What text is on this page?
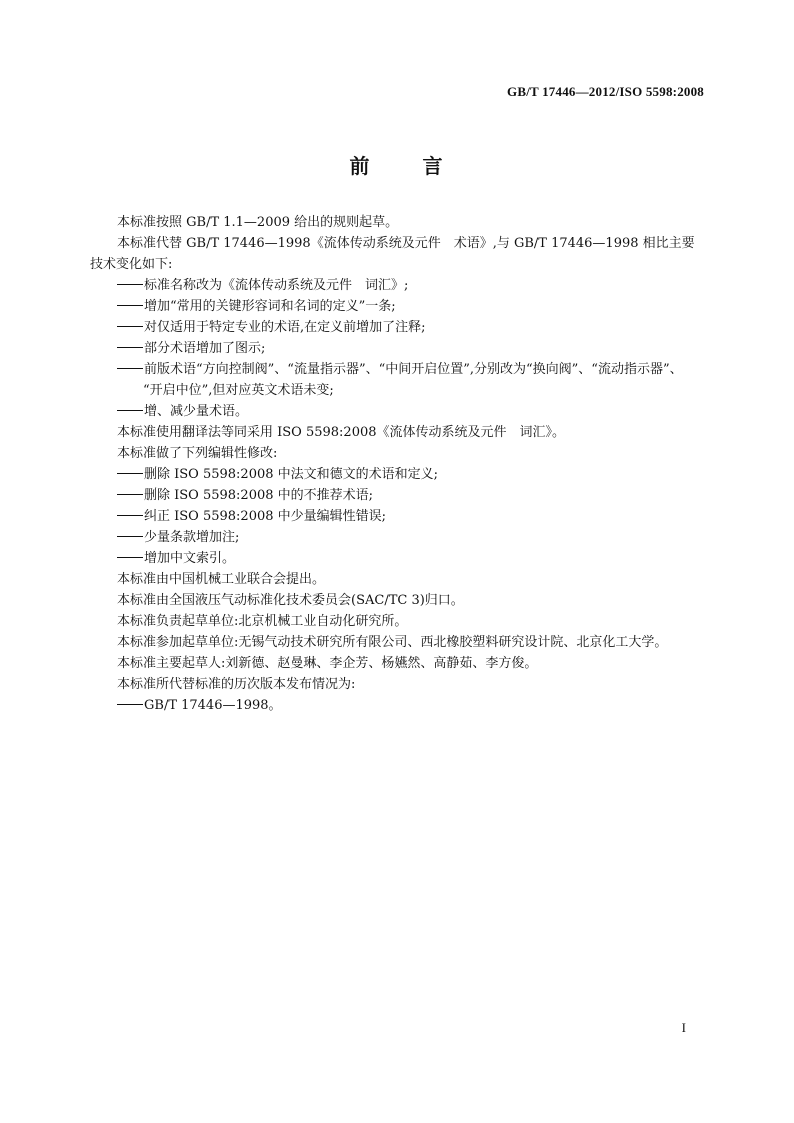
GB/T 17446—2012/ISO 5598:2008
前 言

本标准按照 GB/T 1.1—2009 给出的规则起草。

本标准代替 GB/T 17446—1998《流体传动系统及元件　术语》,与 GB/T 17446—1998 相比主要技术变化如下:

标准名称改为《流体传动系统及元件　词汇》;
增加“常用的关键形容词和名词的定义”一条;
对仅适用于特定专业的术语,在定义前增加了注释;
部分术语增加了图示;
前版术语“方向控制阀”、“流量指示器”、“中间开启位置”,分别改为“换向阀”、“流动指示器”、
“开启中位”,但对应英文术语未变;
增、减少量术语。

本标准使用翻译法等同采用 ISO 5598:2008《流体传动系统及元件　词汇》。

本标准做了下列编辑性修改:

删除 ISO 5598:2008 中法文和德文的术语和定义;
删除 ISO 5598:2008 中的不推荐术语;
纠正 ISO 5598:2008 中少量编辑性错误;
少量条款增加注;
增加中文索引。

本标准由中国机械工业联合会提出。

本标准由全国液压气动标准化技术委员会(SAC/TC 3)归口。

本标准负责起草单位:北京机械工业自动化研究所。

本标准参加起草单位:无锡气动技术研究所有限公司、西北橡胶塑料研究设计院、北京化工大学。

本标准主要起草人:刘新德、赵曼琳、李企芳、杨嬿然、高静茹、李方俊。

本标准所代替标准的历次版本发布情况为:

GB/T 17446—1998。
I
